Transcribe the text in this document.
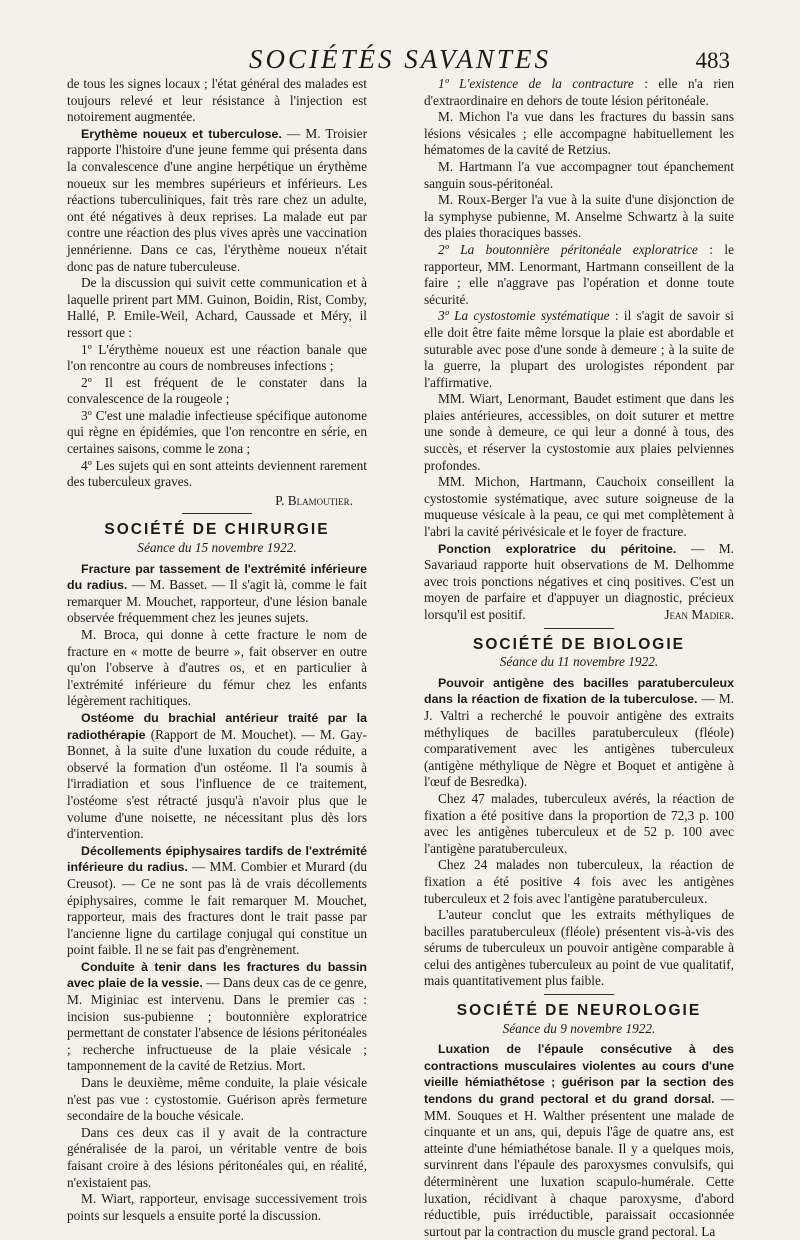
SOCIÉTÉS SAVANTES	483

de tous les signes locaux ; l'état général des malades est toujours relevé et leur résistance à l'injection est notoirement augmentée.

Erythème noueux et tuberculose. — M. Troisier rapporte l'histoire d'une jeune femme qui présenta dans la convalescence d'une angine herpétique un érythème noueux sur les membres supérieurs et inférieurs. Les réactions tuberculiniques, fait très rare chez un adulte, ont été négatives à deux reprises. La malade eut par contre une réaction des plus vives après une vaccination jennérienne. Dans ce cas, l'érythème noueux n'était donc pas de nature tuberculeuse.

De la discussion qui suivit cette communication et à laquelle prirent part MM. Guinon, Boidin, Rist, Comby, Hallé, P. Emile-Weil, Achard, Caussade et Méry, il ressort que :

1º L'érythème noueux est une réaction banale que l'on rencontre au cours de nombreuses infections ;

2º Il est fréquent de le constater dans la convalescence de la rougeole ;

3º C'est une maladie infectieuse spécifique autonome qui règne en épidémies, que l'on rencontre en série, en certaines saisons, comme le zona ;

4º Les sujets qui en sont atteints deviennent rarement des tuberculeux graves.

P. Blamoutier.

SOCIÉTÉ DE CHIRURGIE

Séance du 15 novembre 1922.

Fracture par tassement de l'extrémité inférieure du radius. — M. Basset. — Il s'agit là, comme le fait remarquer M. Mouchet, rapporteur, d'une lésion banale observée fréquemment chez les jeunes sujets.

M. Broca, qui donne à cette fracture le nom de fracture en « motte de beurre », fait observer en outre qu'on l'observe à d'autres os, et en particulier à l'extrémité inférieure du fémur chez les enfants légèrement rachitiques.

Ostéome du brachial antérieur traité par la radiothérapie (Rapport de M. Mouchet). — M. Gay-Bonnet, à la suite d'une luxation du coude réduite, a observé la formation d'un ostéome. Il l'a soumis à l'irradiation et sous l'influence de ce traitement, l'ostéome s'est rétracté jusqu'à n'avoir plus que le volume d'une noisette, ne nécessitant plus dès lors d'intervention.

Décollements épiphysaires tardifs de l'extrémité inférieure du radius. — MM. Combier et Murard (du Creusot). — Ce ne sont pas là de vrais décollements épiphysaires, comme le fait remarquer M. Mouchet, rapporteur, mais des fractures dont le trait passe par l'ancienne ligne du cartilage conjugal qui constitue un point faible. Il ne se fait pas d'engrènement.

Conduite à tenir dans les fractures du bassin avec plaie de la vessie. — Dans deux cas de ce genre, M. Miginiac est intervenu. Dans le premier cas : incision sus-pubienne ; boutonnière exploratrice permettant de constater l'absence de lésions péritonéales ; recherche infructueuse de la plaie vésicale ; tamponnement de la cavité de Retzius. Mort.

Dans le deuxième, même conduite, la plaie vésicale n'est pas vue : cystostomie. Guérison après fermeture secondaire de la bouche vésicale.

Dans ces deux cas il y avait de la contracture généralisée de la paroi, un véritable ventre de bois faisant croire à des lésions péritonéales qui, en réalité, n'existaient pas.

M. Wiart, rapporteur, envisage successivement trois points sur lesquels a ensuite porté la discussion.

1º L'existence de la contracture : elle n'a rien d'extraordinaire en dehors de toute lésion péritonéale.

M. Michon l'a vue dans les fractures du bassin sans lésions vésicales ; elle accompagne habituellement les hématomes de la cavité de Retzius.

M. Hartmann l'a vue accompagner tout épanchement sanguin sous-péritonéal.

M. Roux-Berger l'a vue à la suite d'une disjonction de la symphyse pubienne, M. Anselme Schwartz à la suite des plaies thoraciques basses.

2º La boutonnière péritonéale exploratrice : le rapporteur, MM. Lenormant, Hartmann conseillent de la faire ; elle n'aggrave pas l'opération et donne toute sécurité.

3º La cystostomie systématique : il s'agit de savoir si elle doit être faite même lorsque la plaie est abordable et suturable avec pose d'une sonde à demeure ; à la suite de la guerre, la plupart des urologistes répondent par l'affirmative.

MM. Wiart, Lenormant, Baudet estiment que dans les plaies antérieures, accessibles, on doit suturer et mettre une sonde à demeure, ce qui leur a donné à tous, des succès, et réserver la cystostomie aux plaies pelviennes profondes.

MM. Michon, Hartmann, Cauchoix conseillent la cystostomie systématique, avec suture soigneuse de la muqueuse vésicale à la peau, ce qui met complètement à l'abri la cavité périvésicale et le foyer de fracture.

Ponction exploratrice du péritoine. — M. Savariaud rapporte huit observations de M. Delhomme avec trois ponctions négatives et cinq positives. C'est un moyen de parfaire et d'appuyer un diagnostic, précieux lorsqu'il est positif.	Jean Madier.

SOCIÉTÉ DE BIOLOGIE

Séance du 11 novembre 1922.

Pouvoir antigène des bacilles paratuberculeux dans la réaction de fixation de la tuberculose. — M. J. Valtri a recherché le pouvoir antigène des extraits méthyliques de bacilles paratuberculeux (fléole) comparativement avec les antigènes tuberculeux (antigène méthylique de Nègre et Boquet et antigène à l'œuf de Besredka).

Chez 47 malades, tuberculeux avérés, la réaction de fixation a été positive dans la proportion de 72,3 p. 100 avec les antigènes tuberculeux et de 52 p. 100 avec l'antigène paratuberculeux.

Chez 24 malades non tuberculeux, la réaction de fixation a été positive 4 fois avec les antigènes tuberculeux et 2 fois avec l'antigène paratuberculeux.

L'auteur conclut que les extraits méthyliques de bacilles paratuberculeux (fléole) présentent vis-à-vis des sérums de tuberculeux un pouvoir antigène comparable à celui des antigènes tuberculeux au point de vue qualitatif, mais quantitativement plus faible.

SOCIÉTÉ DE NEUROLOGIE

Séance du 9 novembre 1922.

Luxation de l'épaule consécutive à des contractions musculaires violentes au cours d'une vieille hémiathétose ; guérison par la section des tendons du grand pectoral et du grand dorsal. — MM. Souques et H. Walther présentent une malade de cinquante et un ans, qui, depuis l'âge de quatre ans, est atteinte d'une hémiathétose banale. Il y a quelques mois, survinrent dans l'épaule des paroxysmes convulsifs, qui déterminèrent une luxation scapulo-humérale. Cette luxation, récidivant à chaque paroxysme, d'abord réductible, puis irréductible, paraissait occasionnée surtout par la contraction du muscle grand pectoral. La
